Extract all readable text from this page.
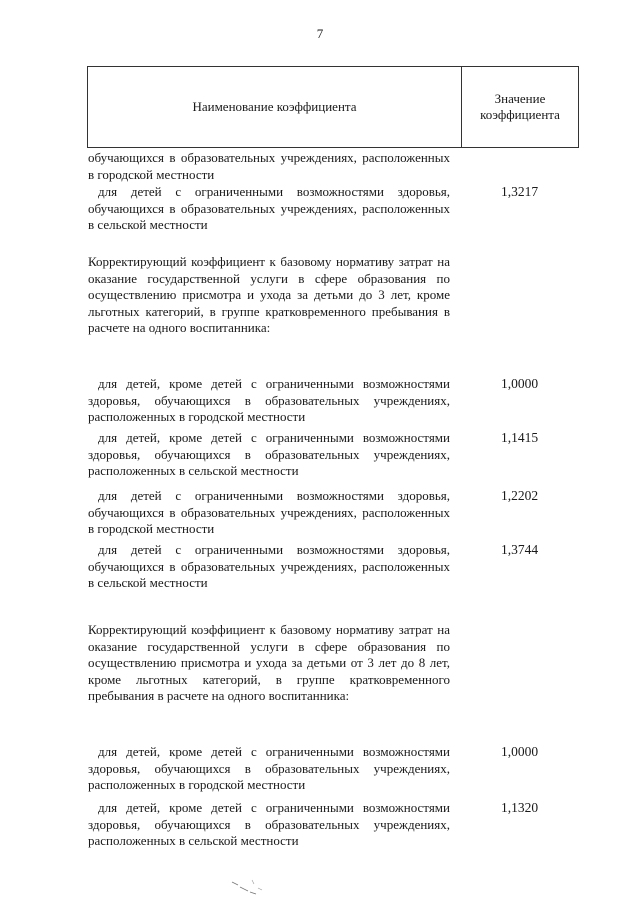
7
Наименование коэффициента
Значение коэффициента
обучающихся в образовательных учреждениях, расположенных в городской местности
для детей с ограниченными возможностями здоровья, обучающихся в образовательных учреждениях, расположенных в сельской местности
1,3217
Корректирующий коэффициент к базовому нормативу затрат на оказание государственной услуги в сфере образования по осуществлению присмотра и ухода за детьми до 3 лет, кроме льготных категорий, в группе кратковременного пребывания в расчете на одного воспитанника:
для детей, кроме детей с ограниченными возможностями здоровья, обучающихся в образовательных учреждениях, расположенных в городской местности
1,0000
для детей, кроме детей с ограниченными возможностями здоровья, обучающихся в образовательных учреждениях, расположенных в сельской местности
1,1415
для детей с ограниченными возможностями здоровья, обучающихся в образовательных учреждениях, расположенных в городской местности
1,2202
для детей с ограниченными возможностями здоровья, обучающихся в образовательных учреждениях, расположенных в сельской местности
1,3744
Корректирующий коэффициент к базовому нормативу затрат на оказание государственной услуги в сфере образования по осуществлению присмотра и ухода за детьми от 3 лет до 8 лет, кроме льготных категорий, в группе кратковременного пребывания в расчете на одного воспитанника:
для детей, кроме детей с ограниченными возможностями здоровья, обучающихся в образовательных учреждениях, расположенных в городской местности
1,0000
для детей, кроме детей с ограниченными возможностями здоровья, обучающихся в образовательных учреждениях, расположенных в сельской местности
1,1320
